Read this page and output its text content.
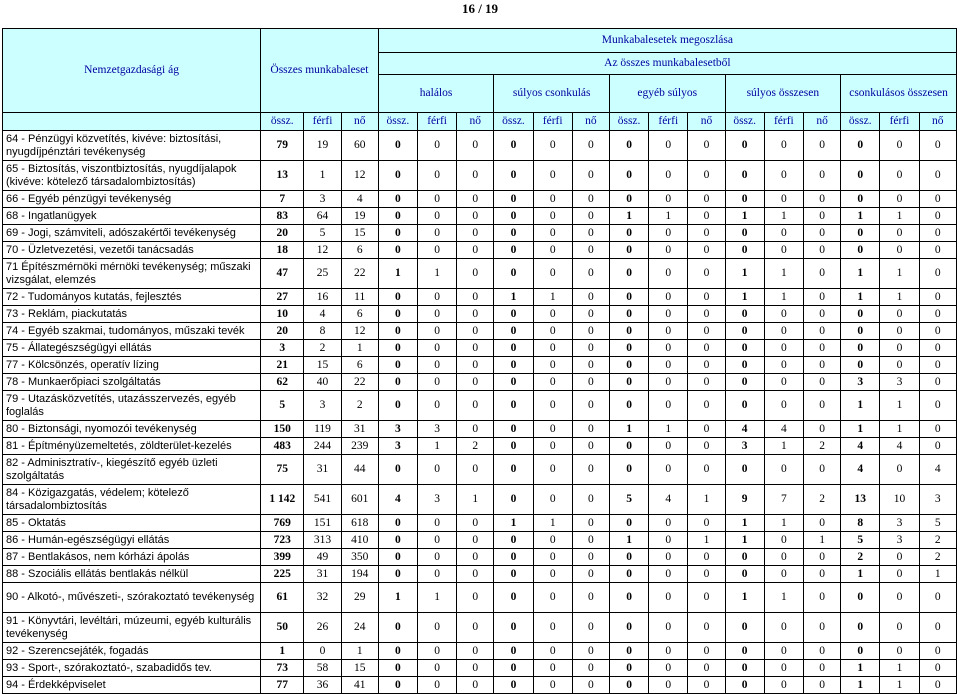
16 / 19
Nemzetgazdasági ág	Összes munkabaleset			Munkabalesetek megoszlása														
				Az összes munkabalesetből														
				halálos			súlyos csonkulás			egyéb súlyos			súlyos összesen			csonkulásos összesen		
	össz.	férfi	nő	össz.	férfi	nő	össz.	férfi	nő	össz.	férfi	nő	össz.	férfi	nő	össz.	férfi	nő
64 - Pénzügyi közvetítés, kivéve: biztosítási, nyugdíjpénztári tevékenység	79	19	60	0	0	0	0	0	0	0	0	0	0	0	0	0	0	0
65 - Biztosítás, viszontbiztosítás, nyugdíjalapok (kivéve: kötelező társadalombiztosítás)	13	1	12	0	0	0	0	0	0	0	0	0	0	0	0	0	0	0
66 - Egyéb pénzügyi tevékenység	7	3	4	0	0	0	0	0	0	0	0	0	0	0	0	0	0	0
68 - Ingatlanügyek	83	64	19	0	0	0	0	0	0	1	1	0	1	1	0	1	1	0
69 - Jogi, számviteli, adószakértői tevékenység	20	5	15	0	0	0	0	0	0	0	0	0	0	0	0	0	0	0
70 - Üzletvezetési, vezetői tanácsadás	18	12	6	0	0	0	0	0	0	0	0	0	0	0	0	0	0	0
71 Építészmérnöki mérnöki tevékenység; műszaki vizsgálat, elemzés	47	25	22	1	1	0	0	0	0	0	0	0	1	1	0	1	1	0
72 - Tudományos kutatás, fejlesztés	27	16	11	0	0	0	1	1	0	0	0	0	1	1	0	1	1	0
73 - Reklám, piackutatás	10	4	6	0	0	0	0	0	0	0	0	0	0	0	0	0	0	0
74 - Egyéb szakmai, tudományos, műszaki tevék	20	8	12	0	0	0	0	0	0	0	0	0	0	0	0	0	0	0
75 - Állategészségügyi ellátás	3	2	1	0	0	0	0	0	0	0	0	0	0	0	0	0	0	0
77 - Kölcsönzés, operatív lízing	21	15	6	0	0	0	0	0	0	0	0	0	0	0	0	0	0	0
78 - Munkaerőpiaci szolgáltatás	62	40	22	0	0	0	0	0	0	0	0	0	0	0	0	3	3	0
79 - Utazásközvetítés, utazásszervezés, egyéb foglalás	5	3	2	0	0	0	0	0	0	0	0	0	0	0	0	1	1	0
80 - Biztonsági, nyomozói tevékenység	150	119	31	3	3	0	0	0	0	1	1	0	4	4	0	1	1	0
81 - Építményüzemeltetés, zöldterület-kezelés	483	244	239	3	1	2	0	0	0	0	0	0	3	1	2	4	4	0
82 - Adminisztratív-, kiegészítő egyéb üzleti szolgáltatás	75	31	44	0	0	0	0	0	0	0	0	0	0	0	0	4	0	4
84 - Közigazgatás, védelem; kötelező társadalombiztosítás	1 142	541	601	4	3	1	0	0	0	5	4	1	9	7	2	13	10	3
85 - Oktatás	769	151	618	0	0	0	1	1	0	0	0	0	1	1	0	8	3	5
86 - Humán-egészségügyi ellátás	723	313	410	0	0	0	0	0	0	1	0	1	1	0	1	5	3	2
87 - Bentlakásos, nem kórházi ápolás	399	49	350	0	0	0	0	0	0	0	0	0	0	0	0	2	0	2
88 - Szociális ellátás bentlakás nélkül	225	31	194	0	0	0	0	0	0	0	0	0	0	0	0	1	0	1
90 - Alkotó-, művészeti-, szórakoztató tevékenység	61	32	29	1	1	0	0	0	0	0	0	0	1	1	0	0	0	0
91 - Könyvtári, levéltári, múzeumi, egyéb kulturális tevékenység	50	26	24	0	0	0	0	0	0	0	0	0	0	0	0	0	0	0
92 - Szerencsejáték, fogadás	1	0	1	0	0	0	0	0	0	0	0	0	0	0	0	0	0	0
93 - Sport-, szórakoztató-, szabadidős tev.	73	58	15	0	0	0	0	0	0	0	0	0	0	0	0	1	1	0
94 - Érdekképviselet	77	36	41	0	0	0	0	0	0	0	0	0	0	0	0	1	1	0
